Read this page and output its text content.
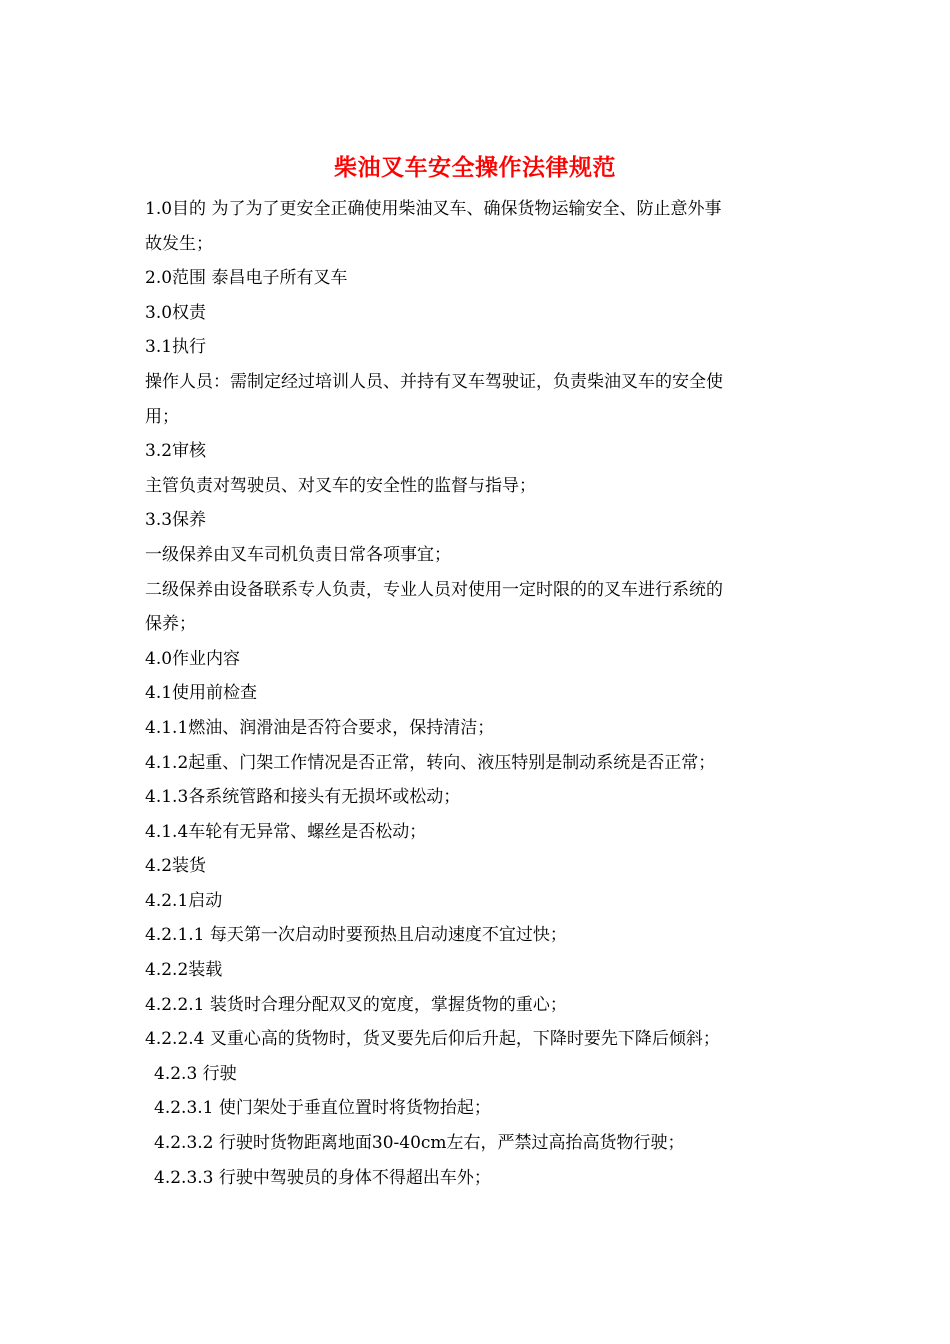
柴油叉车安全操作法律规范
1.0目的 为了为了更安全正确使用柴油叉车、确保货物运输安全、防止意外事
故发生；
2.0范围 泰昌电子所有叉车
3.0权责
3.1执行
操作人员：需制定经过培训人员、并持有叉车驾驶证，负责柴油叉车的安全使
用；
3.2审核
主管负责对驾驶员、对叉车的安全性的监督与指导；
3.3保养
一级保养由叉车司机负责日常各项事宜；
二级保养由设备联系专人负责，专业人员对使用一定时限的的叉车进行系统的
保养；
4.0作业内容
4.1使用前检查
4.1.1燃油、润滑油是否符合要求，保持清洁；
4.1.2起重、门架工作情况是否正常，转向、液压特别是制动系统是否正常；
4.1.3各系统管路和接头有无损坏或松动；
4.1.4车轮有无异常、螺丝是否松动；
4.2装货
4.2.1启动
4.2.1.1 每天第一次启动时要预热且启动速度不宜过快；
4.2.2装载
4.2.2.1 装货时合理分配双叉的宽度，掌握货物的重心；
4.2.2.4 叉重心高的货物时，货叉要先后仰后升起，下降时要先下降后倾斜；
4.2.3 行驶
4.2.3.1 使门架处于垂直位置时将货物抬起；
4.2.3.2 行驶时货物距离地面30-40cm左右，严禁过高抬高货物行驶；
4.2.3.3 行驶中驾驶员的身体不得超出车外；
